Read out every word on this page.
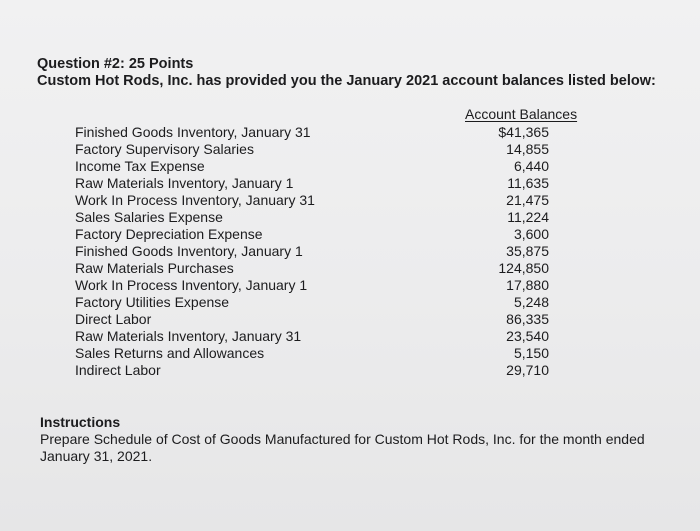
Question #2: 25 Points
Custom Hot Rods, Inc. has provided you the January 2021 account balances listed below:
Account Balances
Finished Goods Inventory, January 31	$41,365
Factory Supervisory Salaries	14,855
Income Tax Expense	6,440
Raw Materials Inventory, January 1	11,635
Work In Process Inventory, January 31	21,475
Sales Salaries Expense	11,224
Factory Depreciation Expense	3,600
Finished Goods Inventory, January 1	35,875
Raw Materials Purchases	124,850
Work In Process Inventory, January 1	17,880
Factory Utilities Expense	5,248
Direct Labor	86,335
Raw Materials Inventory, January 31	23,540
Sales Returns and Allowances	5,150
Indirect Labor	29,710
Instructions
Prepare Schedule of Cost of Goods Manufactured for Custom Hot Rods, Inc. for the month ended January 31, 2021.
